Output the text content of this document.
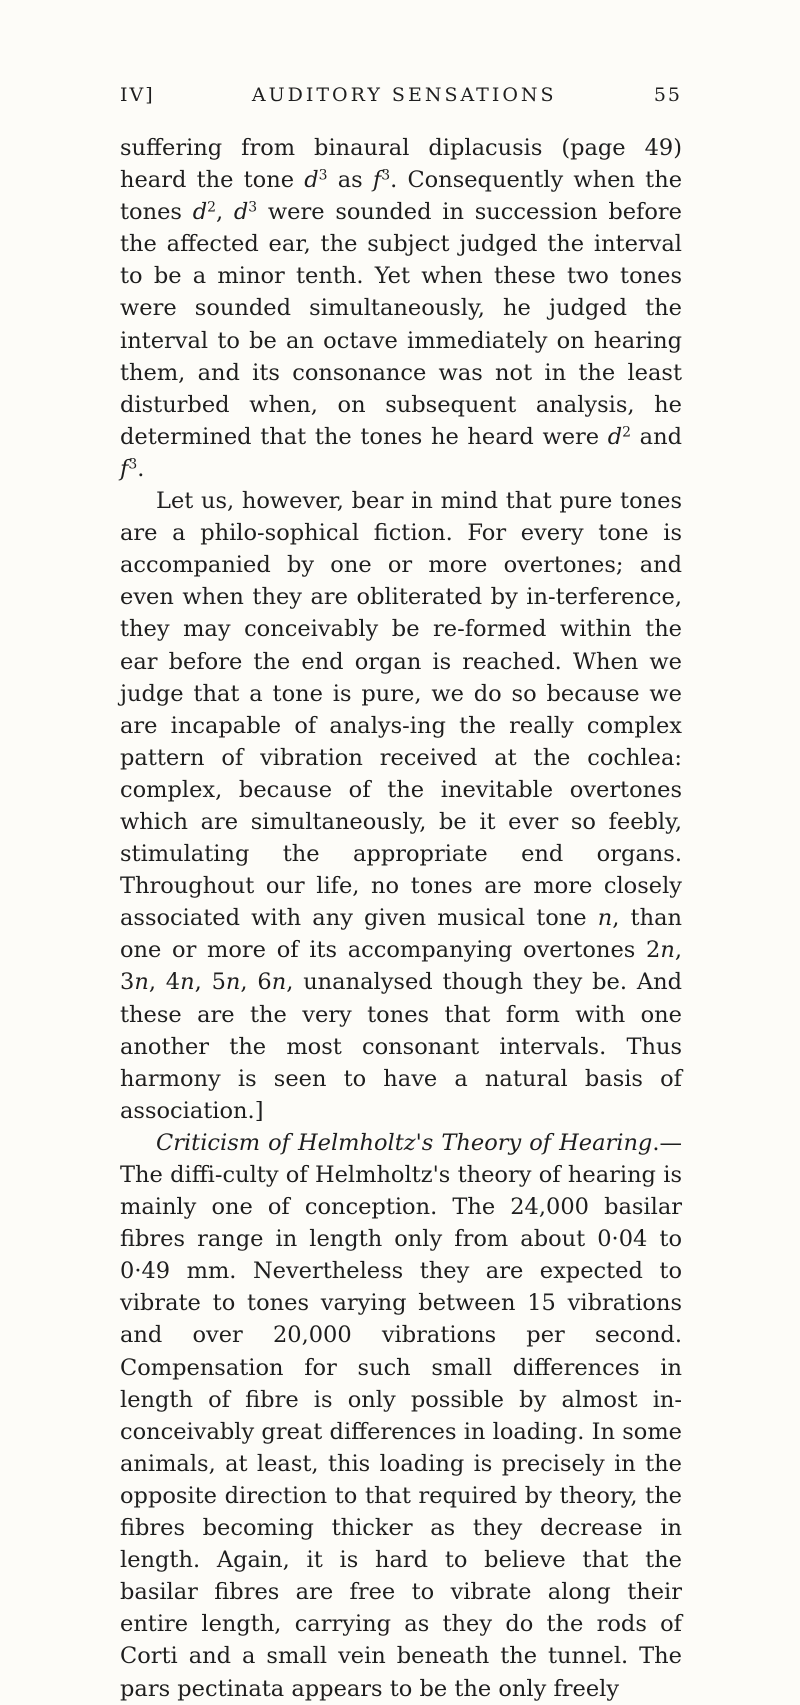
IV]	AUDITORY SENSATIONS	55

suffering from binaural diplacusis (page 49) heard the tone $d^3$ as $f^3$. Consequently when the tones $d^2$, $d^3$ were sounded in succession before the affected ear, the subject judged the interval to be a minor tenth. Yet when these two tones were sounded simultaneously, he judged the interval to be an octave immediately on hearing them, and its consonance was not in the least disturbed when, on subsequent analysis, he determined that the tones he heard were $d^2$ and $f^3$.

Let us, however, bear in mind that pure tones are a philo-sophical fiction. For every tone is accompanied by one or more overtones; and even when they are obliterated by in-terference, they may conceivably be re-formed within the ear before the end organ is reached. When we judge that a tone is pure, we do so because we are incapable of analys-ing the really complex pattern of vibration received at the cochlea: complex, because of the inevitable overtones which are simultaneously, be it ever so feebly, stimulating the appropriate end organs. Throughout our life, no tones are more closely associated with any given musical tone n, than one or more of its accompanying overtones 2n, 3n, 4n, 5n, 6n, unanalysed though they be. And these are the very tones that form with one another the most consonant intervals. Thus harmony is seen to have a natural basis of association.]

Criticism of Helmholtz's Theory of Hearing.—The diffi-culty of Helmholtz's theory of hearing is mainly one of conception. The 24,000 basilar fibres range in length only from about 0·04 to 0·49 mm. Nevertheless they are expected to vibrate to tones varying between 15 vibrations and over 20,000 vibrations per second. Compensation for such small differences in length of fibre is only possible by almost in-conceivably great differences in loading. In some animals, at least, this loading is precisely in the opposite direction to that required by theory, the fibres becoming thicker as they decrease in length. Again, it is hard to believe that the basilar fibres are free to vibrate along their entire length, carrying as they do the rods of Corti and a small vein beneath the tunnel. The pars pectinata appears to be the only freely
